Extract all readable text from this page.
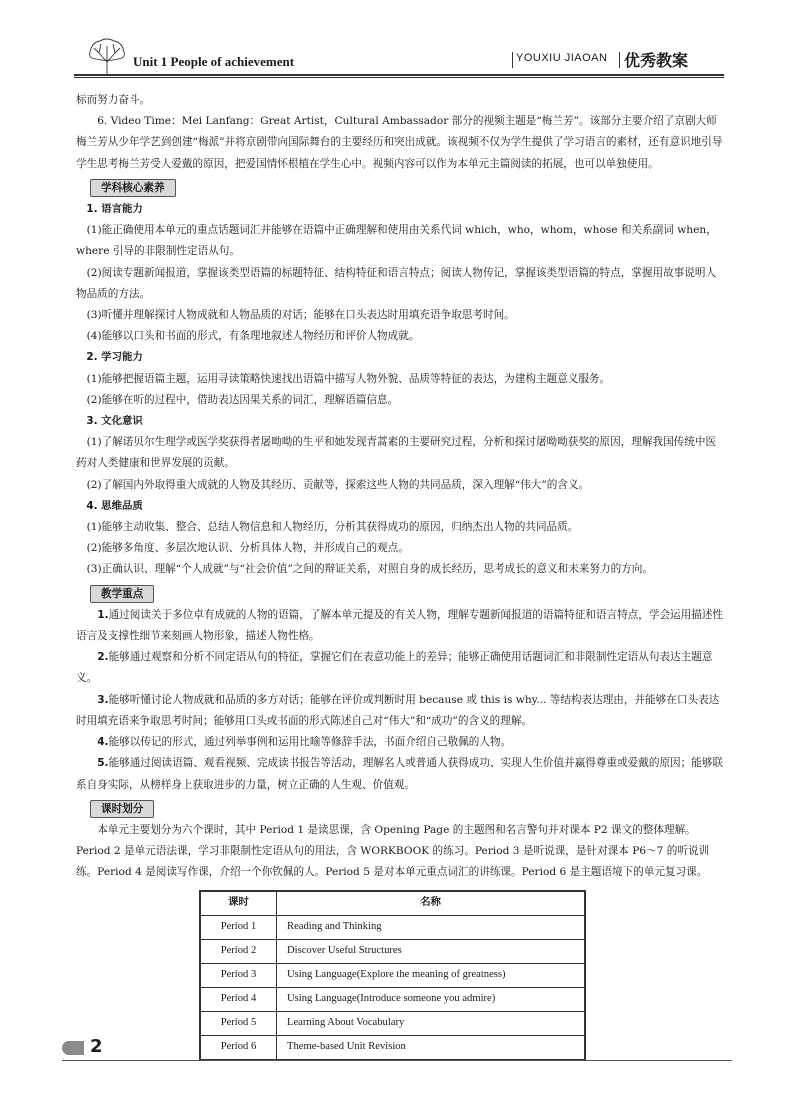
Unit 1 People of achievement	YOUXIU JIAOAN 优秀教案

标而努力奋斗。

6. Video Time：Mei Lanfang：Great Artist，Cultural Ambassador 部分的视频主题是“梅兰芳”。该部分主要介绍了京剧大师梅兰芳从少年学艺到创建“梅派”并将京剧带向国际舞台的主要经历和突出成就。该视频不仅为学生提供了学习语言的素材，还有意识地引导学生思考梅兰芳受人爱戴的原因，把爱国情怀根植在学生心中。视频内容可以作为本单元主篇阅读的拓展，也可以单独使用。

学科核心素养

1. 语言能力

(1)能正确使用本单元的重点话题词汇并能够在语篇中正确理解和使用由关系代词 which，who，whom，whose 和关系副词 when，where 引导的非限制性定语从句。

(2)阅读专题新闻报道，掌握该类型语篇的标题特征、结构特征和语言特点；阅读人物传记，掌握该类型语篇的特点，掌握用故事说明人物品质的方法。

(3)听懂并理解探讨人物成就和人物品质的对话；能够在口头表达时用填充语争取思考时间。

(4)能够以口头和书面的形式，有条理地叙述人物经历和评价人物成就。

2. 学习能力

(1)能够把握语篇主题，运用寻读策略快速找出语篇中描写人物外貌、品质等特征的表达，为建构主题意义服务。

(2)能够在听的过程中，借助表达因果关系的词汇，理解语篇信息。

3. 文化意识

(1)了解诺贝尔生理学或医学奖获得者屠呦呦的生平和她发现青蒿素的主要研究过程，分析和探讨屠呦呦获奖的原因，理解我国传统中医药对人类健康和世界发展的贡献。

(2)了解国内外取得重大成就的人物及其经历、贡献等，探索这些人物的共同品质，深入理解“伟大”的含义。

4. 思维品质

(1)能够主动收集、整合、总结人物信息和人物经历，分析其获得成功的原因，归纳杰出人物的共同品质。

(2)能够多角度、多层次地认识、分析具体人物，并形成自己的观点。

(3)正确认识、理解“个人成就”与“社会价值”之间的辩证关系，对照自身的成长经历，思考成长的意义和未来努力的方向。

教学重点

1.通过阅读关于多位卓有成就的人物的语篇，了解本单元提及的有关人物，理解专题新闻报道的语篇特征和语言特点，学会运用描述性语言及支撑性细节来刻画人物形象，描述人物性格。

2.能够通过观察和分析不同定语从句的特征，掌握它们在表意功能上的差异；能够正确使用话题词汇和非限制性定语从句表达主题意义。

3.能够听懂讨论人物成就和品质的多方对话；能够在评价或判断时用 because 或 this is why... 等结构表达理由，并能够在口头表达时用填充语来争取思考时间；能够用口头或书面的形式陈述自己对“伟大”和“成功”的含义的理解。

4.能够以传记的形式，通过列举事例和运用比喻等修辞手法，书面介绍自己敬佩的人物。

5.能够通过阅读语篇、观看视频、完成读书报告等活动，理解名人或普通人获得成功、实现人生价值并赢得尊重或爱戴的原因；能够联系自身实际，从榜样身上获取进步的力量，树立正确的人生观、价值观。

课时划分

本单元主要划分为六个课时，其中 Period 1 是读思课，含 Opening Page 的主题图和名言警句并对课本 P2 课文的整体理解。Period 2 是单元语法课，学习非限制性定语从句的用法，含 WORKBOOK 的练习。Period 3 是听说课，是针对课本 P6～7 的听说训练。Period 4 是阅读写作课，介绍一个你钦佩的人。Period 5 是对本单元重点词汇的讲练课。Period 6 是主题语境下的单元复习课。

课时	名称
Period 1	Reading and Thinking
Period 2	Discover Useful Structures
Period 3	Using Language(Explore the meaning of greatness)
Period 4	Using Language(Introduce someone you admire)
Period 5	Learning About Vocabulary
Period 6	Theme-based Unit Revision
2
